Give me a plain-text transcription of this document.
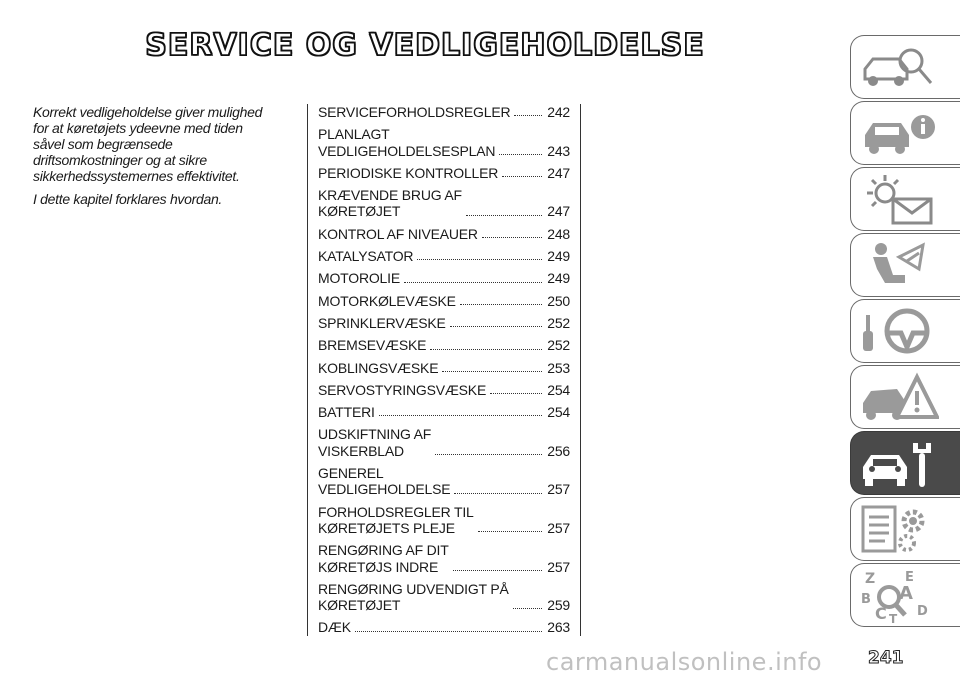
SERVICE OG VEDLIGEHOLDELSE

Korrekt vedligeholdelse giver mulighed for at køretøjets ydeevne med tiden såvel som begrænsede driftsomkostninger og at sikre sikkerhedssystemernes effektivitet.

I dette kapitel forklares hvordan.

SERVICEFORHOLDSREGLER	242
PLANLAGT
VEDLIGEHOLDELSESPLAN	243
PERIODISKE KONTROLLER	247
KRÆVENDE BRUG AF
KØRETØJET	247
KONTROL AF NIVEAUER	248
KATALYSATOR	249
MOTOROLIE	249
MOTORKØLEVÆSKE	250
SPRINKLERVÆSKE	252
BREMSEVÆSKE	252
KOBLINGSVÆSKE	253
SERVOSTYRINGSVÆSKE	254
BATTERI	254
UDSKIFTNING AF
VISKERBLAD	256
GENEREL
VEDLIGEHOLDELSE	257
FORHOLDSREGLER TIL
KØRETØJETS PLEJE	257
RENGØRING AF DIT
KØRETØJS INDRE	257
RENGØRING UDVENDIGT PÅ
KØRETØJET	259
DÆK	263
Z E
B A
C T D
carmanualsonline.info	241
